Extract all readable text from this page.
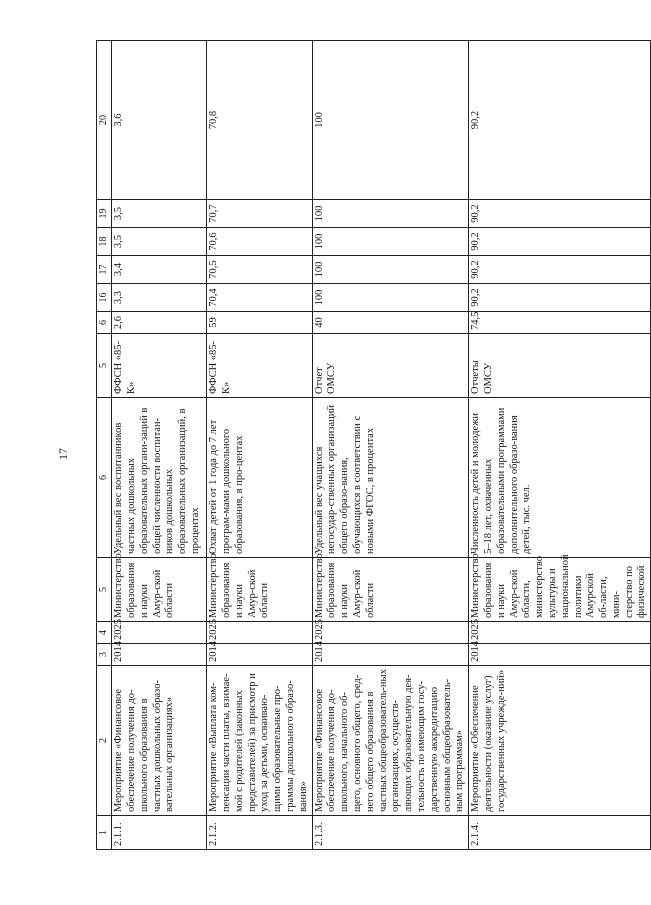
17
1	2	3	4	5	6	5	6	16	17	18	19	20
2.1.1.	Мероприятие «Финансовое обеспечение получения до-школьного образования в частных дошкольных образо-вательных организациях»	2014	2025	Министерство образования и науки Амур-ской области	Удельный вес воспитанников частных дошкольных образовательных органи-заций в общей численности воспитан-ников дошкольных образовательных организаций, в процентах	ФФСН «85-К»	2,6	3,3	3,4	3,5	3,5	3,6
2.1.2.	Мероприятие «Выплата ком-пенсации части платы, взимае-мой с родителей (законных представителей) за присмотр и уход за детьми, осваиваю-щими образовательные про-граммы дошкольного образо-вания»	2014	2025	Министерство образования и науки Амур-ской области	Охват детей от 1 года до 7 лет програм-мами дошкольного образования, в про-центах	ФФСН «85-К»	59	70,4	70,5	70,6	70,7	70,8
2.1.3.	Мероприятие «Финансовое обеспечение получения до-школьного, начального об-щего, основного общего, сред-него общего образования в частных общеобразователь-ных организациях, осуществ-ляющих образовательную дея-тельность по имеющим госу-дарственную аккредитацию основным общеобразователь-ным программам»	2014	2025	Министерство образования и науки Амур-ской области	Удельный вес учащихся негосудар-ственных организаций общего образо-вания, обучающихся в соответствии с новыми ФГОС, в процентах	Отчет ОМСУ	40	100	100	100	100	100
2.1.4.	Мероприятие «Обеспечение деятельности (оказание услуг) государственных учрежде-ний»	2014	2025	Министерство образования и науки Амур-ской области, министерство культуры и национальной политики Амурской об-ласти, мини-стерство по физической	Численность детей и молодежи 5–18 лет, охваченных образовательными программами дополнительного образо-вания детей, тыс. чел.	Отчеты ОМСУ	74,5	90,2	90,2	90,2	90,2	90,2
